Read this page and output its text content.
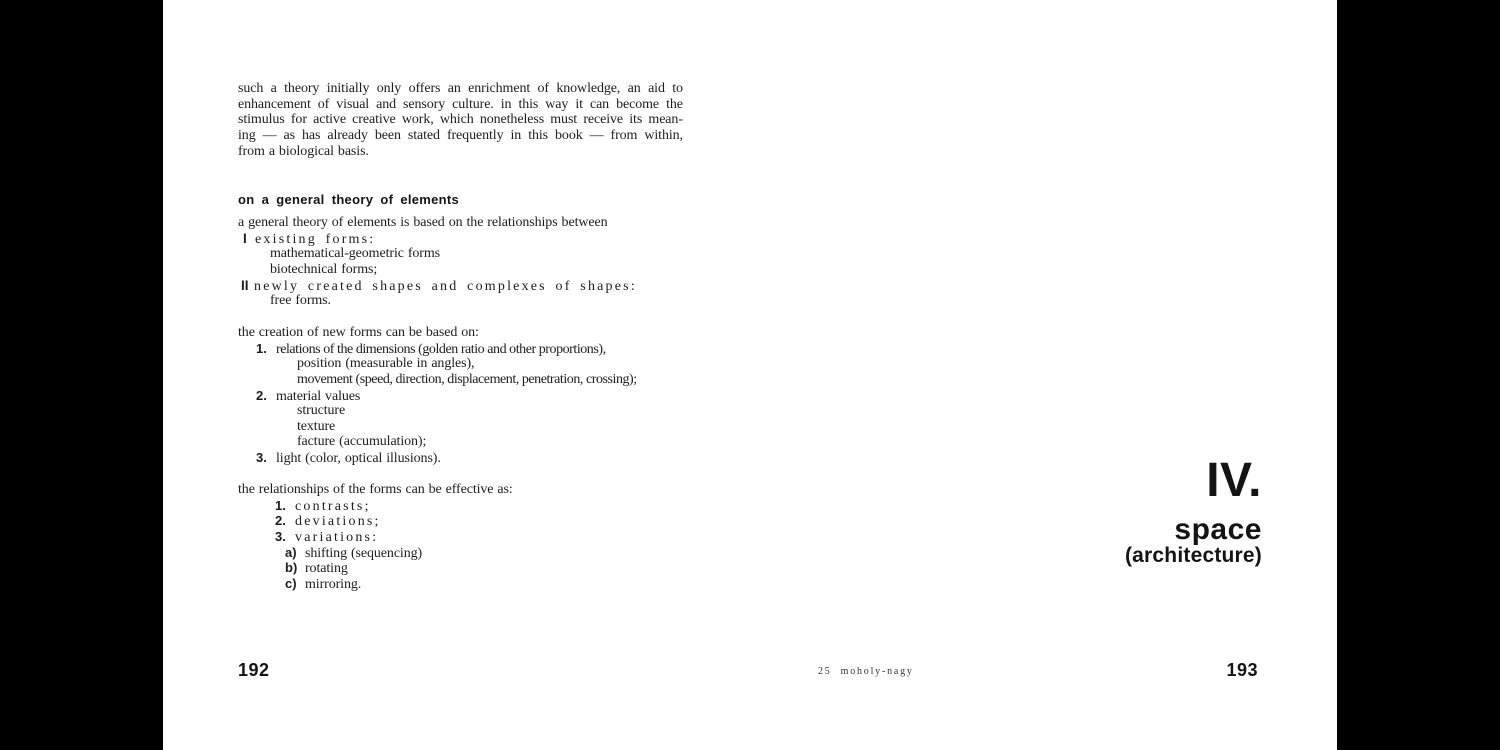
such a theory initially only offers an enrichment of knowledge, an aid to
enhancement of visual and sensory culture. in this way it can become the
stimulus for active creative work, which nonetheless must receive its mean-
ing — as has already been stated frequently in this book — from within,
from a biological basis.
on a general theory of elements
a general theory of elements is based on the relationships between
I existing forms:
mathematical-geometric forms
biotechnical forms;
II newly created shapes and complexes of shapes:
free forms.
the creation of new forms can be based on:
1. relations of the dimensions (golden ratio and other proportions),
position (measurable in angles),
movement (speed, direction, displacement, penetration, crossing);
2. material values
structure
texture
facture (accumulation);
3. light (color, optical illusions).
the relationships of the forms can be effective as:
1. contrasts;
2. deviations;
3. variations:
a) shifting (sequencing)
b) rotating
c) mirroring.
IV.
space
(architecture)
192	25 moholy-nagy	193
